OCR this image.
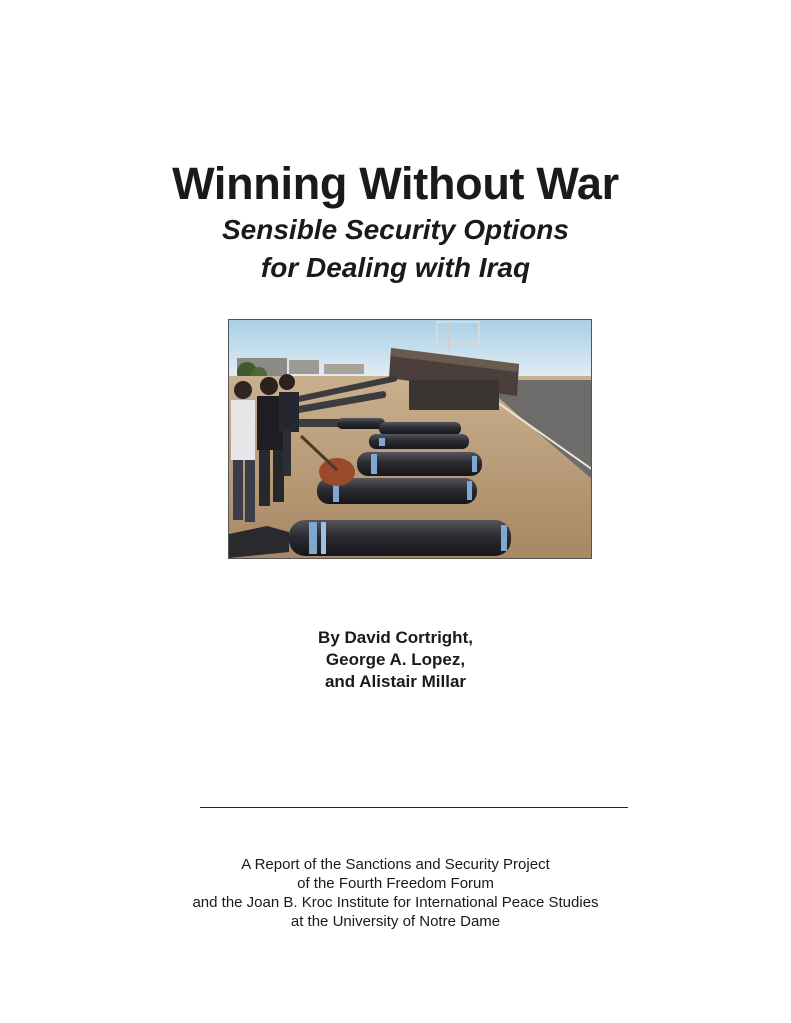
Winning Without War
Sensible Security Options
for Dealing with Iraq
By David Cortright,
George A. Lopez,
and Alistair Millar
A Report of the Sanctions and Security Project
of the Fourth Freedom Forum
and the Joan B. Kroc Institute for International Peace Studies
at the University of Notre Dame
